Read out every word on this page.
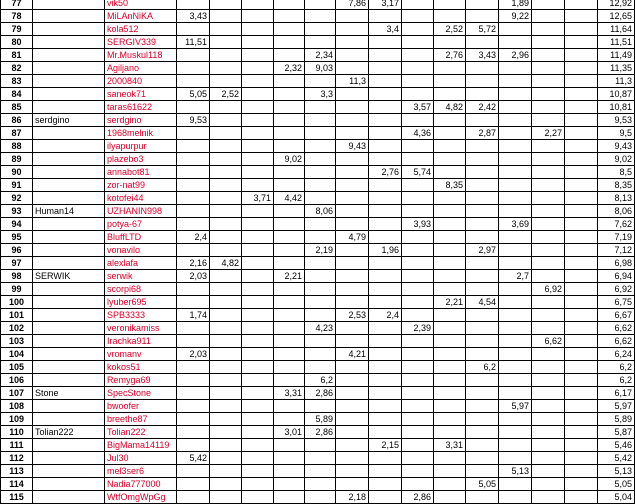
77		vik50						7,86	3,17				1,89			12,92
78		MiLAnNiKA	3,43										9,22			12,65
79		kola512							3,4		2,52	5,72				11,64
80		SERGIV339	11,51													11,51
81		Mr.Muskul118					2,34				2,76	3,43	2,96			11,49
82		Agiljano				2,32	9,03									11,35
83		2000840						11,3								11,3
84		saneok71	5,05	2,52			3,3									10,87
85		taras61622								3,57	4,82	2,42				10,81
86	serdgino	serdgino	9,53													9,53
87		1968melnik								4,36		2,87		2,27		9,5
88		ilyapurpur						9,43								9,43
89		plazebo3				9,02										9,02
90		annabot81							2,76	5,74						8,5
91		zor-nat99									8,35					8,35
92		kotofei44			3,71	4,42										8,13
93	Human14	UZHANIN998					8,06									8,06
94		potya-67								3,93			3,69			7,62
95		BluffLTD	2,4					4,79								7,19
96		vonavilo					2,19		1,96			2,97				7,12
97		alexlafa	2,16	4,82												6,98
98	SERWIK	serwik	2,03			2,21							2,7			6,94
99		scorpi68												6,92		6,92
100		lyuber695									2,21	4,54				6,75
101		SPB3333	1,74					2,53	2,4							6,67
102		veronikamiss					4,23			2,39						6,62
103		Irachka911												6,62		6,62
104		vromanv	2,03					4,21								6,24
105		kokos51										6,2				6,2
106		Remyga69					6,2									6,2
107	Stone	SpecStone				3,31	2,86									6,17
108		bwoofer											5,97			5,97
109		breethe87					5,89									5,89
110	Tolian222	Tolian222				3,01	2,86									5,87
111		BigMama14119							2,15		3,31					5,46
112		Jul30	5,42													5,42
113		mel3ser6											5,13			5,13
114		Nadia777000										5,05				5,05
115		WtfOmgWpGg						2,18		2,86						5,04
